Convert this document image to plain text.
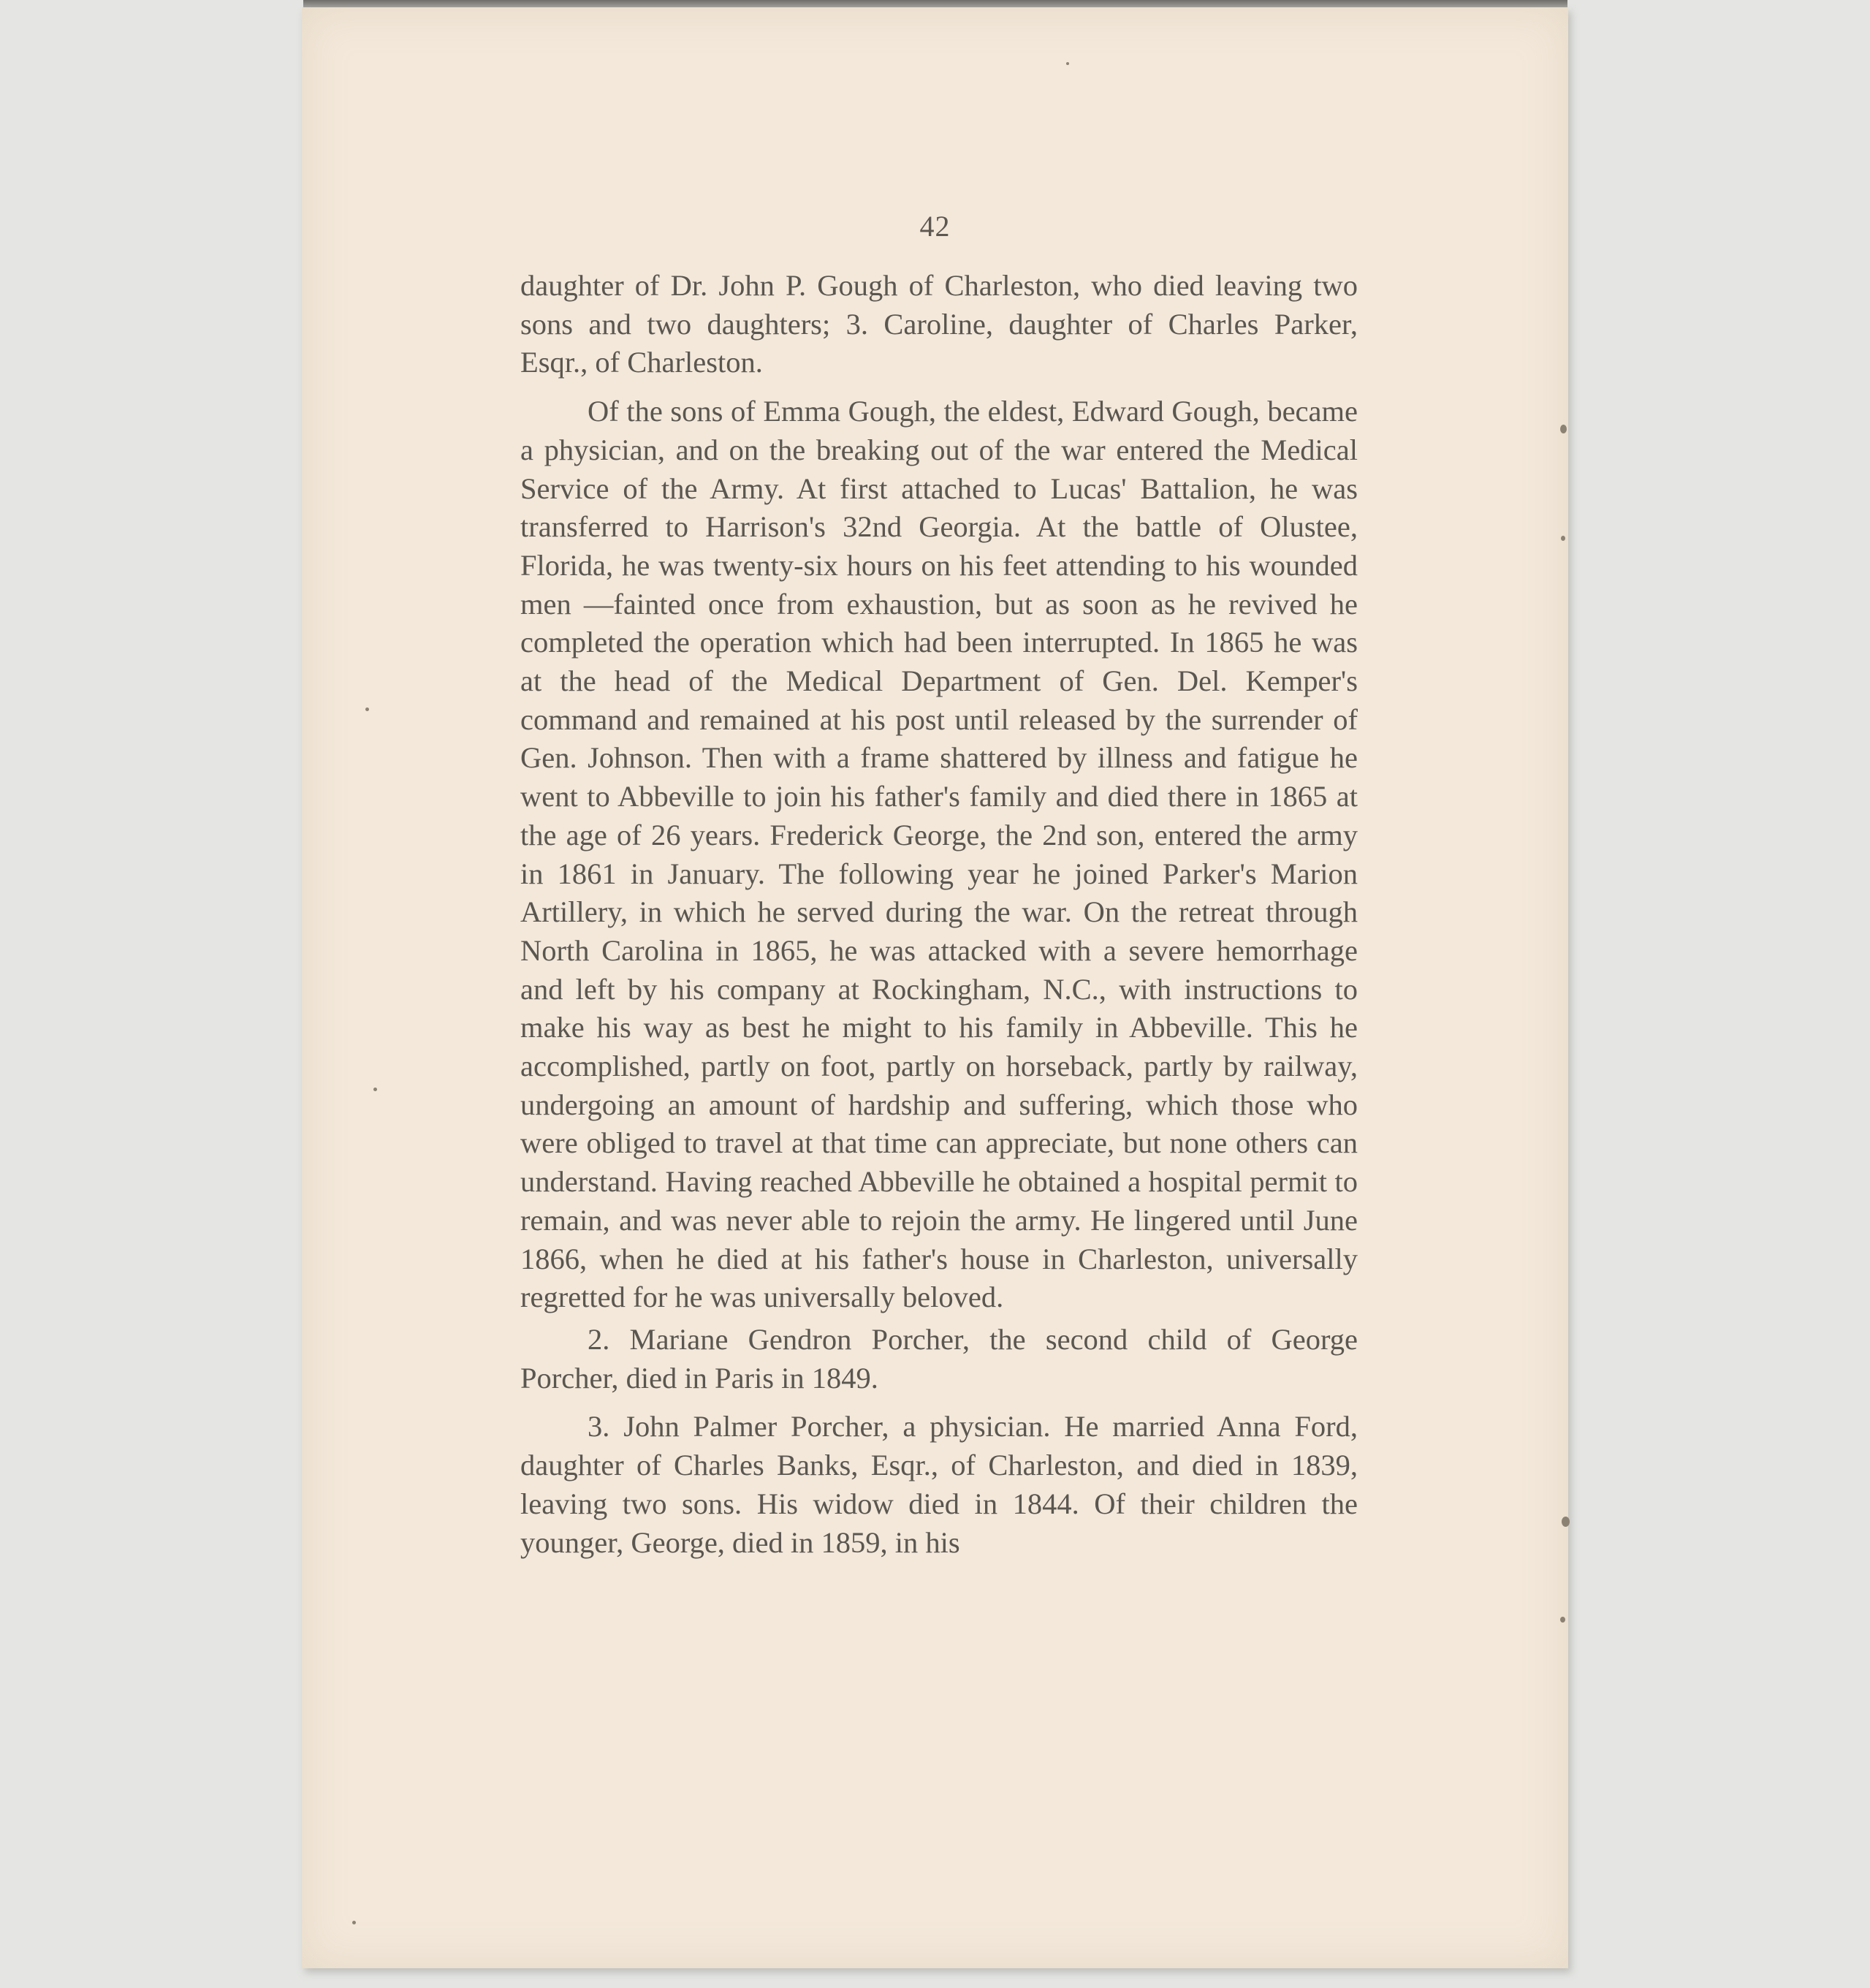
42

daughter of Dr. John P. Gough of Charleston, who died leaving two sons and two daughters; 3. Caroline, daughter of Charles Parker, Esqr., of Charleston.

Of the sons of Emma Gough, the eldest, Edward Gough, became a physician, and on the breaking out of the war entered the Medical Service of the Army. At first attached to Lucas' Battalion, he was transferred to Harrison's 32nd Georgia. At the battle of Olustee, Florida, he was twenty-six hours on his feet attending to his wounded men —fainted once from exhaustion, but as soon as he revived he completed the operation which had been interrupted. In 1865 he was at the head of the Medical Department of Gen. Del. Kemper's command and remained at his post until released by the surrender of Gen. Johnson. Then with a frame shattered by illness and fatigue he went to Abbeville to join his father's family and died there in 1865 at the age of 26 years. Frederick George, the 2nd son, entered the army in 1861 in January. The following year he joined Parker's Marion Artillery, in which he served during the war. On the retreat through North Carolina in 1865, he was attacked with a severe hemorrhage and left by his company at Rockingham, N.C., with instructions to make his way as best he might to his family in Abbeville. This he accomplished, partly on foot, partly on horseback, partly by railway, undergoing an amount of hardship and suffering, which those who were obliged to travel at that time can appreciate, but none others can understand. Having reached Abbeville he obtained a hospital permit to remain, and was never able to rejoin the army. He lingered until June 1866, when he died at his father's house in Charleston, universally regretted for he was universally beloved.

2. Mariane Gendron Porcher, the second child of George Porcher, died in Paris in 1849.

3. John Palmer Porcher, a physician. He married Anna Ford, daughter of Charles Banks, Esqr., of Charleston, and died in 1839, leaving two sons. His widow died in 1844. Of their children the younger, George, died in 1859, in his
